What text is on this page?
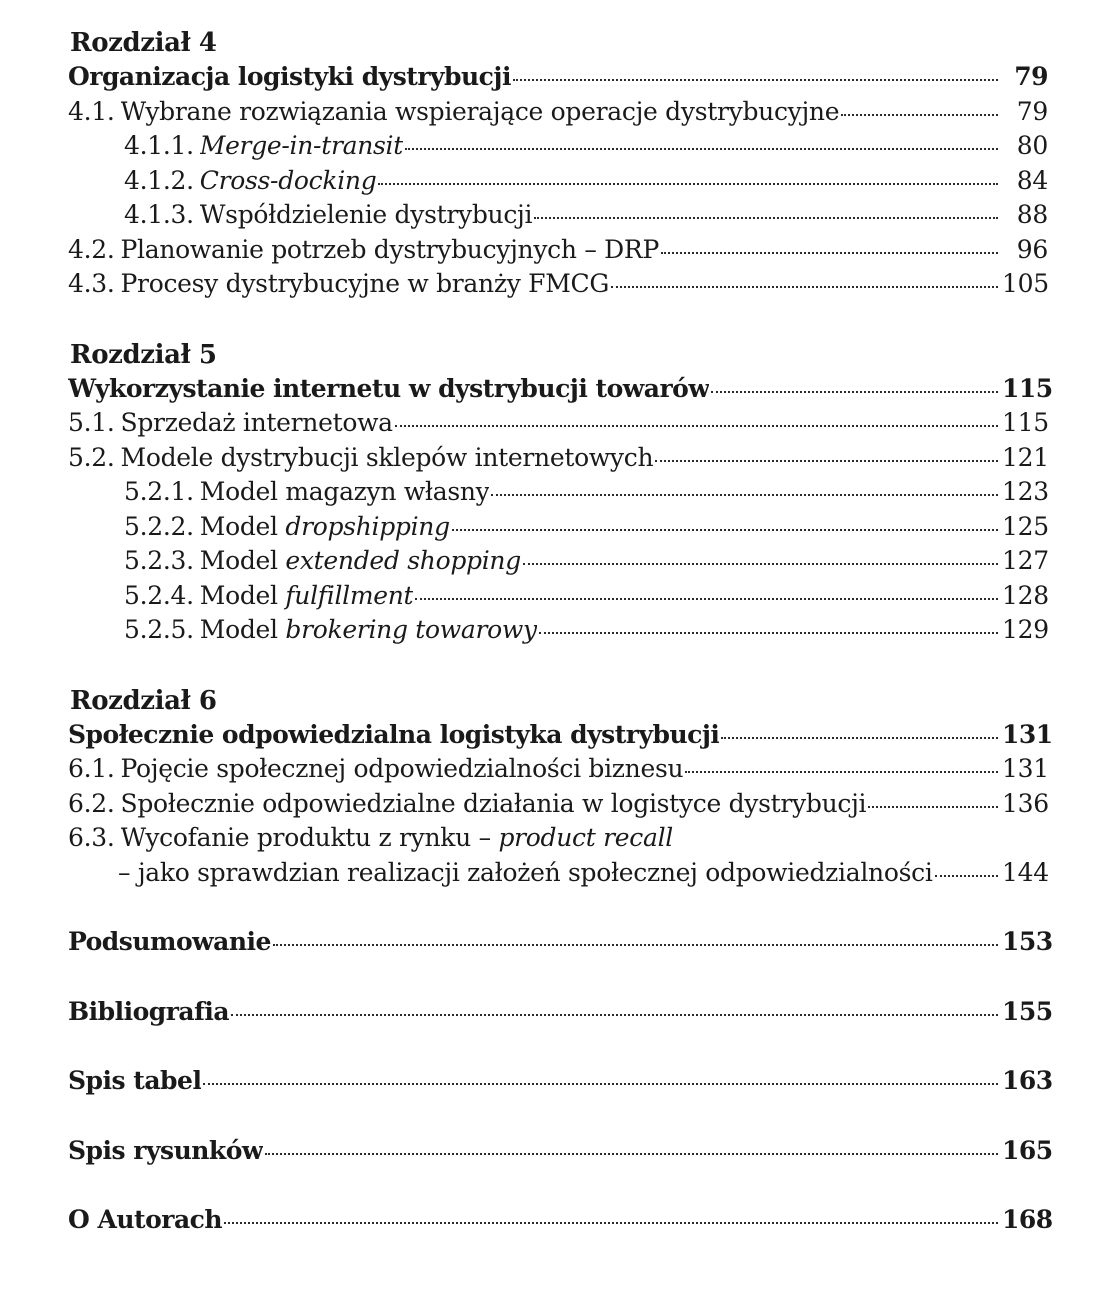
Rozdział 4
Organizacja logistyki dystrybucji	79
4.1. Wybrane rozwiązania wspierające operacje dystrybucyjne	79
4.1.1. Merge-in-transit	80
4.1.2. Cross-docking	84
4.1.3. Współdzielenie dystrybucji	88
4.2. Planowanie potrzeb dystrybucyjnych – DRP	96
4.3. Procesy dystrybucyjne w branży FMCG	105
Rozdział 5
Wykorzystanie internetu w dystrybucji towarów	115
5.1. Sprzedaż internetowa	115
5.2. Modele dystrybucji sklepów internetowych	121
5.2.1. Model magazyn własny	123
5.2.2. Model dropshipping	125
5.2.3. Model extended shopping	127
5.2.4. Model fulfillment	128
5.2.5. Model brokering towarowy	129
Rozdział 6
Społecznie odpowiedzialna logistyka dystrybucji	131
6.1. Pojęcie społecznej odpowiedzialności biznesu	131
6.2. Społecznie odpowiedzialne działania w logistyce dystrybucji	136
6.3. Wycofanie produktu z rynku – product recall
– jako sprawdzian realizacji założeń społecznej odpowiedzialności	144
Podsumowanie	153
Bibliografia	155
Spis tabel	163
Spis rysunków	165
O Autorach	168
